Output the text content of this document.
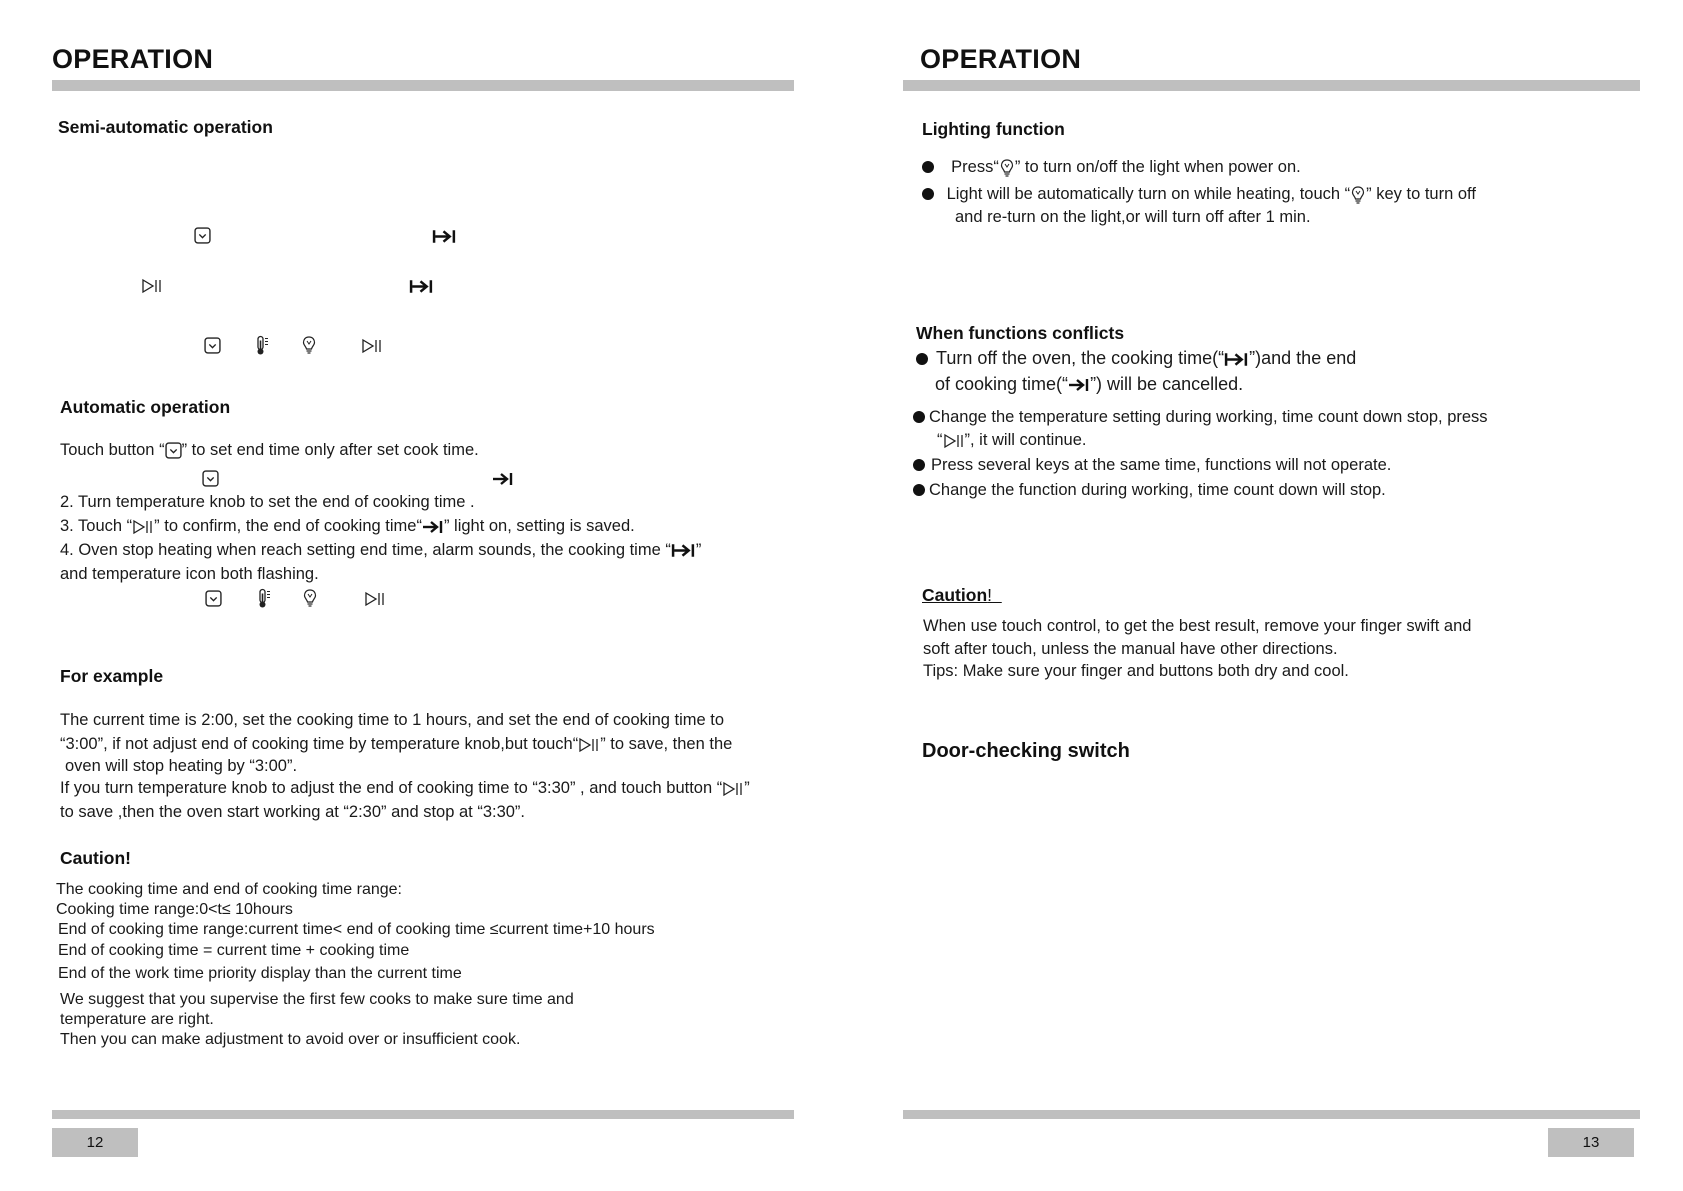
OPERATION
Semi-automatic operation
Automatic operation
Touch button “ ” to set end time only after set cook time.
2. Turn temperature knob to set the end of cooking time .
3. Touch “ ” to confirm, the end of cooking time“ ” light on, setting is saved.
4. Oven stop heating when reach setting end time, alarm sounds, the cooking time “ ”
and temperature icon both flashing.
For example
The current time is 2:00, set the cooking time to 1 hours, and set the end of cooking time to
“3:00”, if not adjust end of cooking time by temperature knob,but touch“ ” to save, then the
oven will stop heating by “3:00”.
If you turn temperature knob to adjust the end of cooking time to “3:30” , and touch button “ ”
to save ,then the oven start working at “2:30” and stop at “3:30”.
Caution!
The cooking time and end of cooking time range:
Cooking time range:0<t≤ 10hours
End of cooking time range:current time< end of cooking time ≤current time+10 hours
End of cooking time = current time + cooking time
End of the work time priority display than the current time
We suggest that you supervise the first few cooks to make sure time and
temperature are right.
Then you can make adjustment to avoid over or insufficient cook.
12
OPERATION
Lighting function
Press“ ” to turn on/off the light when power on.
Light will be automatically turn on while heating, touch “ ” key to turn off
and re-turn on the light,or will turn off after 1 min.
When functions conflicts
Turn off the oven, the cooking time(“ ”)and the end
of cooking time(“ ”) will be cancelled.
Change the temperature setting during working, time count down stop, press
“ ”, it will continue.
Press several keys at the same time, functions will not operate.
Change the function during working, time count down will stop.
Caution!
When use touch control, to get the best result, remove your finger swift and
soft after touch, unless the manual have other directions.
Tips: Make sure your finger and buttons both dry and cool.
Door-checking switch
13
